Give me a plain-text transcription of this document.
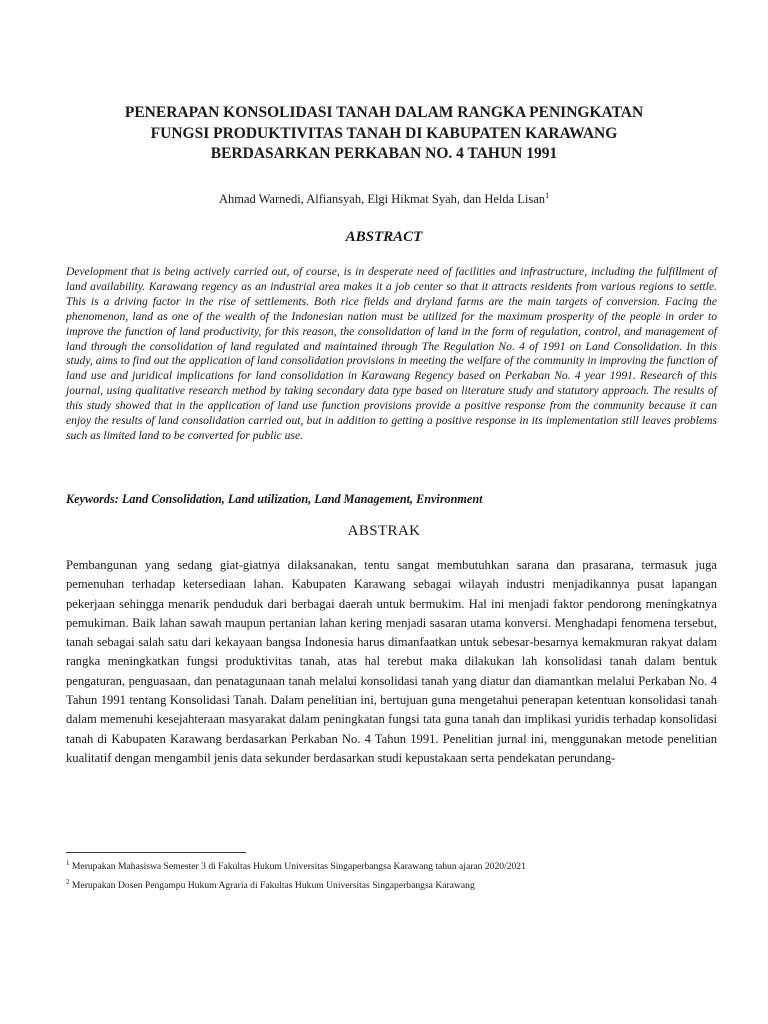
PENERAPAN KONSOLIDASI TANAH DALAM RANGKA PENINGKATAN
FUNGSI PRODUKTIVITAS TANAH DI KABUPATEN KARAWANG
BERDASARKAN PERKABAN NO. 4 TAHUN 1991
Ahmad Warnedi, Alfiansyah, Elgi Hikmat Syah, dan Helda Lisan$^1$
ABSTRACT

Development that is being actively carried out, of course, is in desperate need of facilities and infrastructure, including the fulfillment of land availability. Karawang regency as an industrial area makes it a job center so that it attracts residents from various regions to settle. This is a driving factor in the rise of settlements. Both rice fields and dryland farms are the main targets of conversion. Facing the phenomenon, land as one of the wealth of the Indonesian nation must be utilized for the maximum prosperity of the people in order to improve the function of land productivity, for this reason, the consolidation of land in the form of regulation, control, and management of land through the consolidation of land regulated and maintained through The Regulation No. 4 of 1991 on Land Consolidation. In this study, aims to find out the application of land consolidation provisions in meeting the welfare of the community in improving the function of land use and juridical implications for land consolidation in Karawang Regency based on Perkaban No. 4 year 1991. Research of this journal, using qualitative research method by taking secondary data type based on literature study and statutory approach. The results of this study showed that in the application of land use function provisions provide a positive response from the community because it can enjoy the results of land consolidation carried out, but in addition to getting a positive response in its implementation still leaves problems such as limited land to be converted for public use.

Keywords: Land Consolidation, Land utilization, Land Management, Environment
ABSTRAK

Pembangunan yang sedang giat-giatnya dilaksanakan, tentu sangat membutuhkan sarana dan prasarana, termasuk juga pemenuhan terhadap ketersediaan lahan. Kabupaten Karawang sebagai wilayah industri menjadikannya pusat lapangan pekerjaan sehingga menarik penduduk dari berbagai daerah untuk bermukim. Hal ini menjadi faktor pendorong meningkatnya pemukiman. Baik lahan sawah maupun pertanian lahan kering menjadi sasaran utama konversi. Menghadapi fenomena tersebut, tanah sebagai salah satu dari kekayaan bangsa Indonesia harus dimanfaatkan untuk sebesar-besarnya kemakmuran rakyat dalam rangka meningkatkan fungsi produktivitas tanah, atas hal terebut maka dilakukan lah konsolidasi tanah dalam bentuk pengaturan, penguasaan, dan penatagunaan tanah melalui konsolidasi tanah yang diatur dan diamantkan melalui Perkaban No. 4 Tahun 1991 tentang Konsolidasi Tanah. Dalam penelitian ini, bertujuan guna mengetahui penerapan ketentuan konsolidasi tanah dalam memenuhi kesejahteraan masyarakat dalam peningkatan fungsi tata guna tanah dan implikasi yuridis terhadap konsolidasi tanah di Kabupaten Karawang berdasarkan Perkaban No. 4 Tahun 1991. Penelitian jurnal ini, menggunakan metode penelitian kualitatif dengan mengambil jenis data sekunder berdasarkan studi kepustakaan serta pendekatan perundang-

$^1$ Merupakan Mahasiswa Semester 3 di Fakultas Hukum Universitas Singaperbangsa Karawang tahun ajaran 2020/2021
$^2$ Merupakan Dosen Pengampu Hukum Agraria di Fakultas Hukum Universitas Singaperbangsa Karawang
